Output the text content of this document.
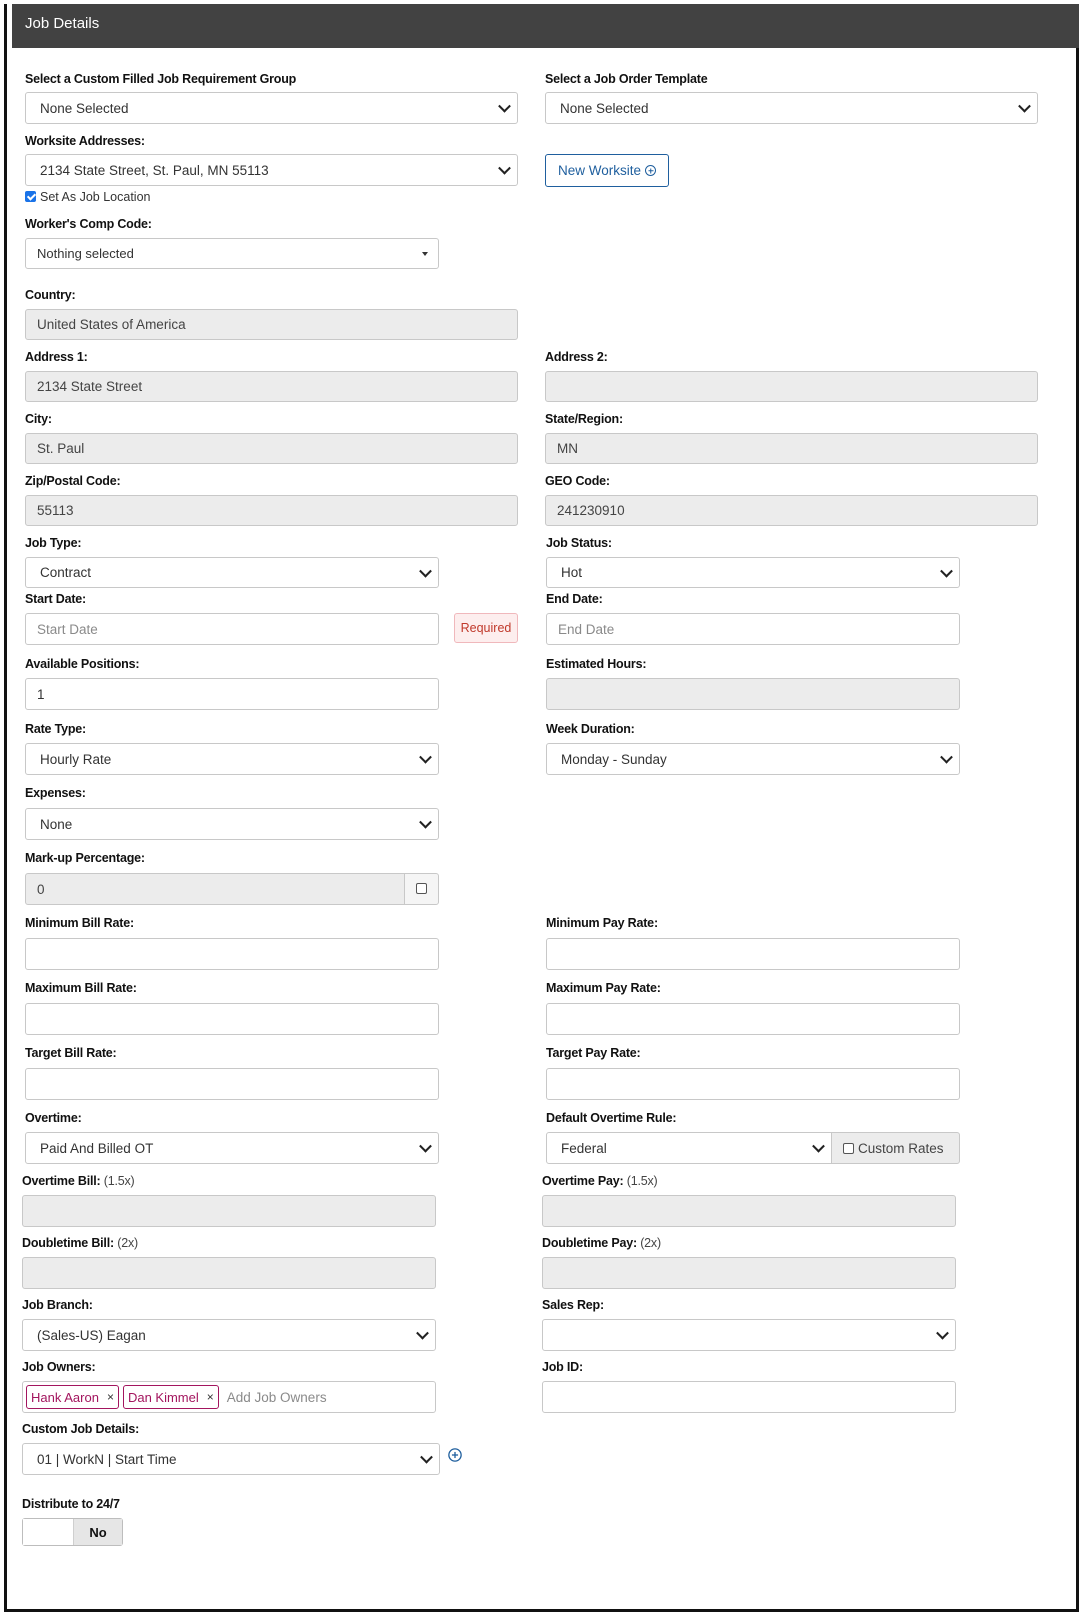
Job Details
Select a Custom Filled Job Requirement Group
None Selected
Select a Job Order Template
None Selected
Worksite Addresses:
2134 State Street, St. Paul, MN 55113
Set As Job Location
New Worksite
Worker's Comp Code:
Nothing selected
Country:
United States of America
Address 1:
2134 State Street
Address 2:
City:
St. Paul
State/Region:
MN
Zip/Postal Code:
55113
GEO Code:
241230910
Job Type:
Contract
Job Status:
Hot
Start Date:
Start Date	Required
End Date:
End Date
Available Positions:
1
Estimated Hours:
Rate Type:
Hourly Rate
Week Duration:
Monday - Sunday
Expenses:
None
Mark-up Percentage:
0
Minimum Bill Rate:	Minimum Pay Rate:
Maximum Bill Rate:	Maximum Pay Rate:
Target Bill Rate:	Target Pay Rate:
Overtime:
Paid And Billed OT
Default Overtime Rule:
Federal	Custom Rates
Overtime Bill: (1.5x)	Overtime Pay: (1.5x)
Doubletime Bill: (2x)	Doubletime Pay: (2x)
Job Branch:
(Sales-US) Eagan
Sales Rep:
Job Owners:
Hank Aaron × Dan Kimmel × Add Job Owners
Job ID:
Custom Job Details:
01 | WorkN | Start Time
Distribute to 24/7
No
